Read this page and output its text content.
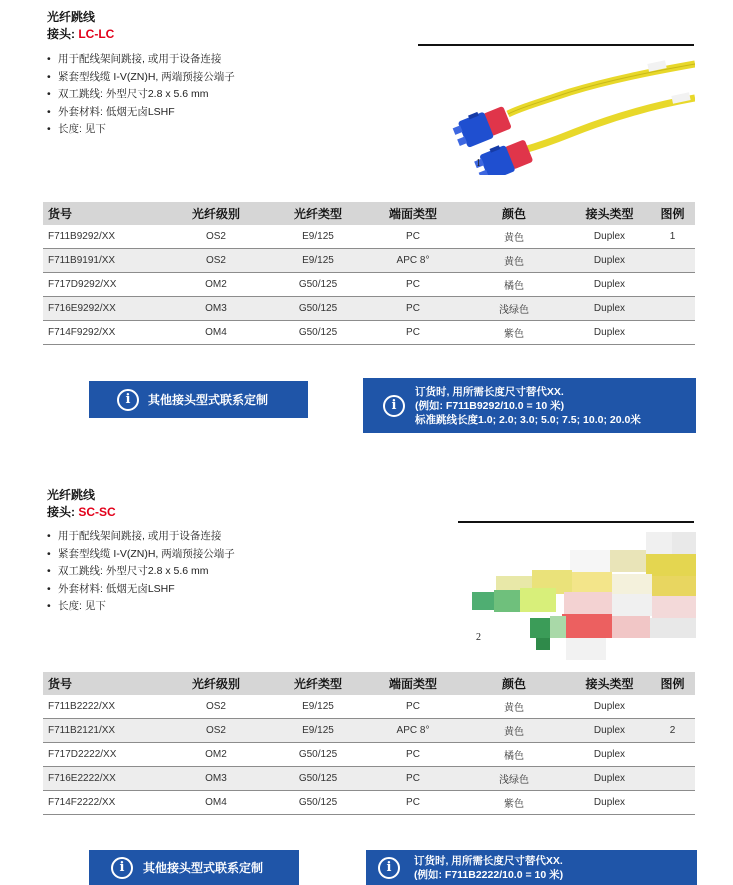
光纤跳线
接头: LC-LC
• 用于配线架间跳接, 或用于设备连接
• 紧套型线缆 I-V(ZN)H, 两端预接公端子
• 双工跳线: 外型尺寸2.8 x 5.6 mm
• 外套材料: 低烟无卤LSHF
• 长度: 见下
1
货号	光纤级别	光纤类型	端面类型	颜色	接头类型	图例
F711B9292/XX	OS2	E9/125	PC	黄色	Duplex	1
F711B9191/XX	OS2	E9/125	APC 8°	黄色	Duplex
F717D9292/XX	OM2	G50/125	PC	橘色	Duplex
F716E9292/XX	OM3	G50/125	PC	浅绿色	Duplex
F714F9292/XX	OM4	G50/125	PC	紫色	Duplex
i	其他接头型式联系定制	i
订货时, 用所需长度尺寸替代XX.
(例如: F711B9292/10.0 = 10 米)
标准跳线长度1.0; 2.0; 3.0; 5.0; 7.5; 10.0; 20.0米
光纤跳线
接头: SC-SC
• 用于配线架间跳接, 或用于设备连接
• 紧套型线缆 I-V(ZN)H, 两端预接公端子
• 双工跳线: 外型尺寸2.8 x 5.6 mm
• 外套材料: 低烟无卤LSHF
• 长度: 见下
2
货号	光纤级别	光纤类型	端面类型	颜色	接头类型	图例
F711B2222/XX	OS2	E9/125	PC	黄色	Duplex
F711B2121/XX	OS2	E9/125	APC 8°	黄色	Duplex	2
F717D2222/XX	OM2	G50/125	PC	橘色	Duplex
F716E2222/XX	OM3	G50/125	PC	浅绿色	Duplex
F714F2222/XX	OM4	G50/125	PC	紫色	Duplex
i	其他接头型式联系定制	i	订货时, 用所需长度尺寸替代XX.
(例如: F711B2222/10.0 = 10 米)
